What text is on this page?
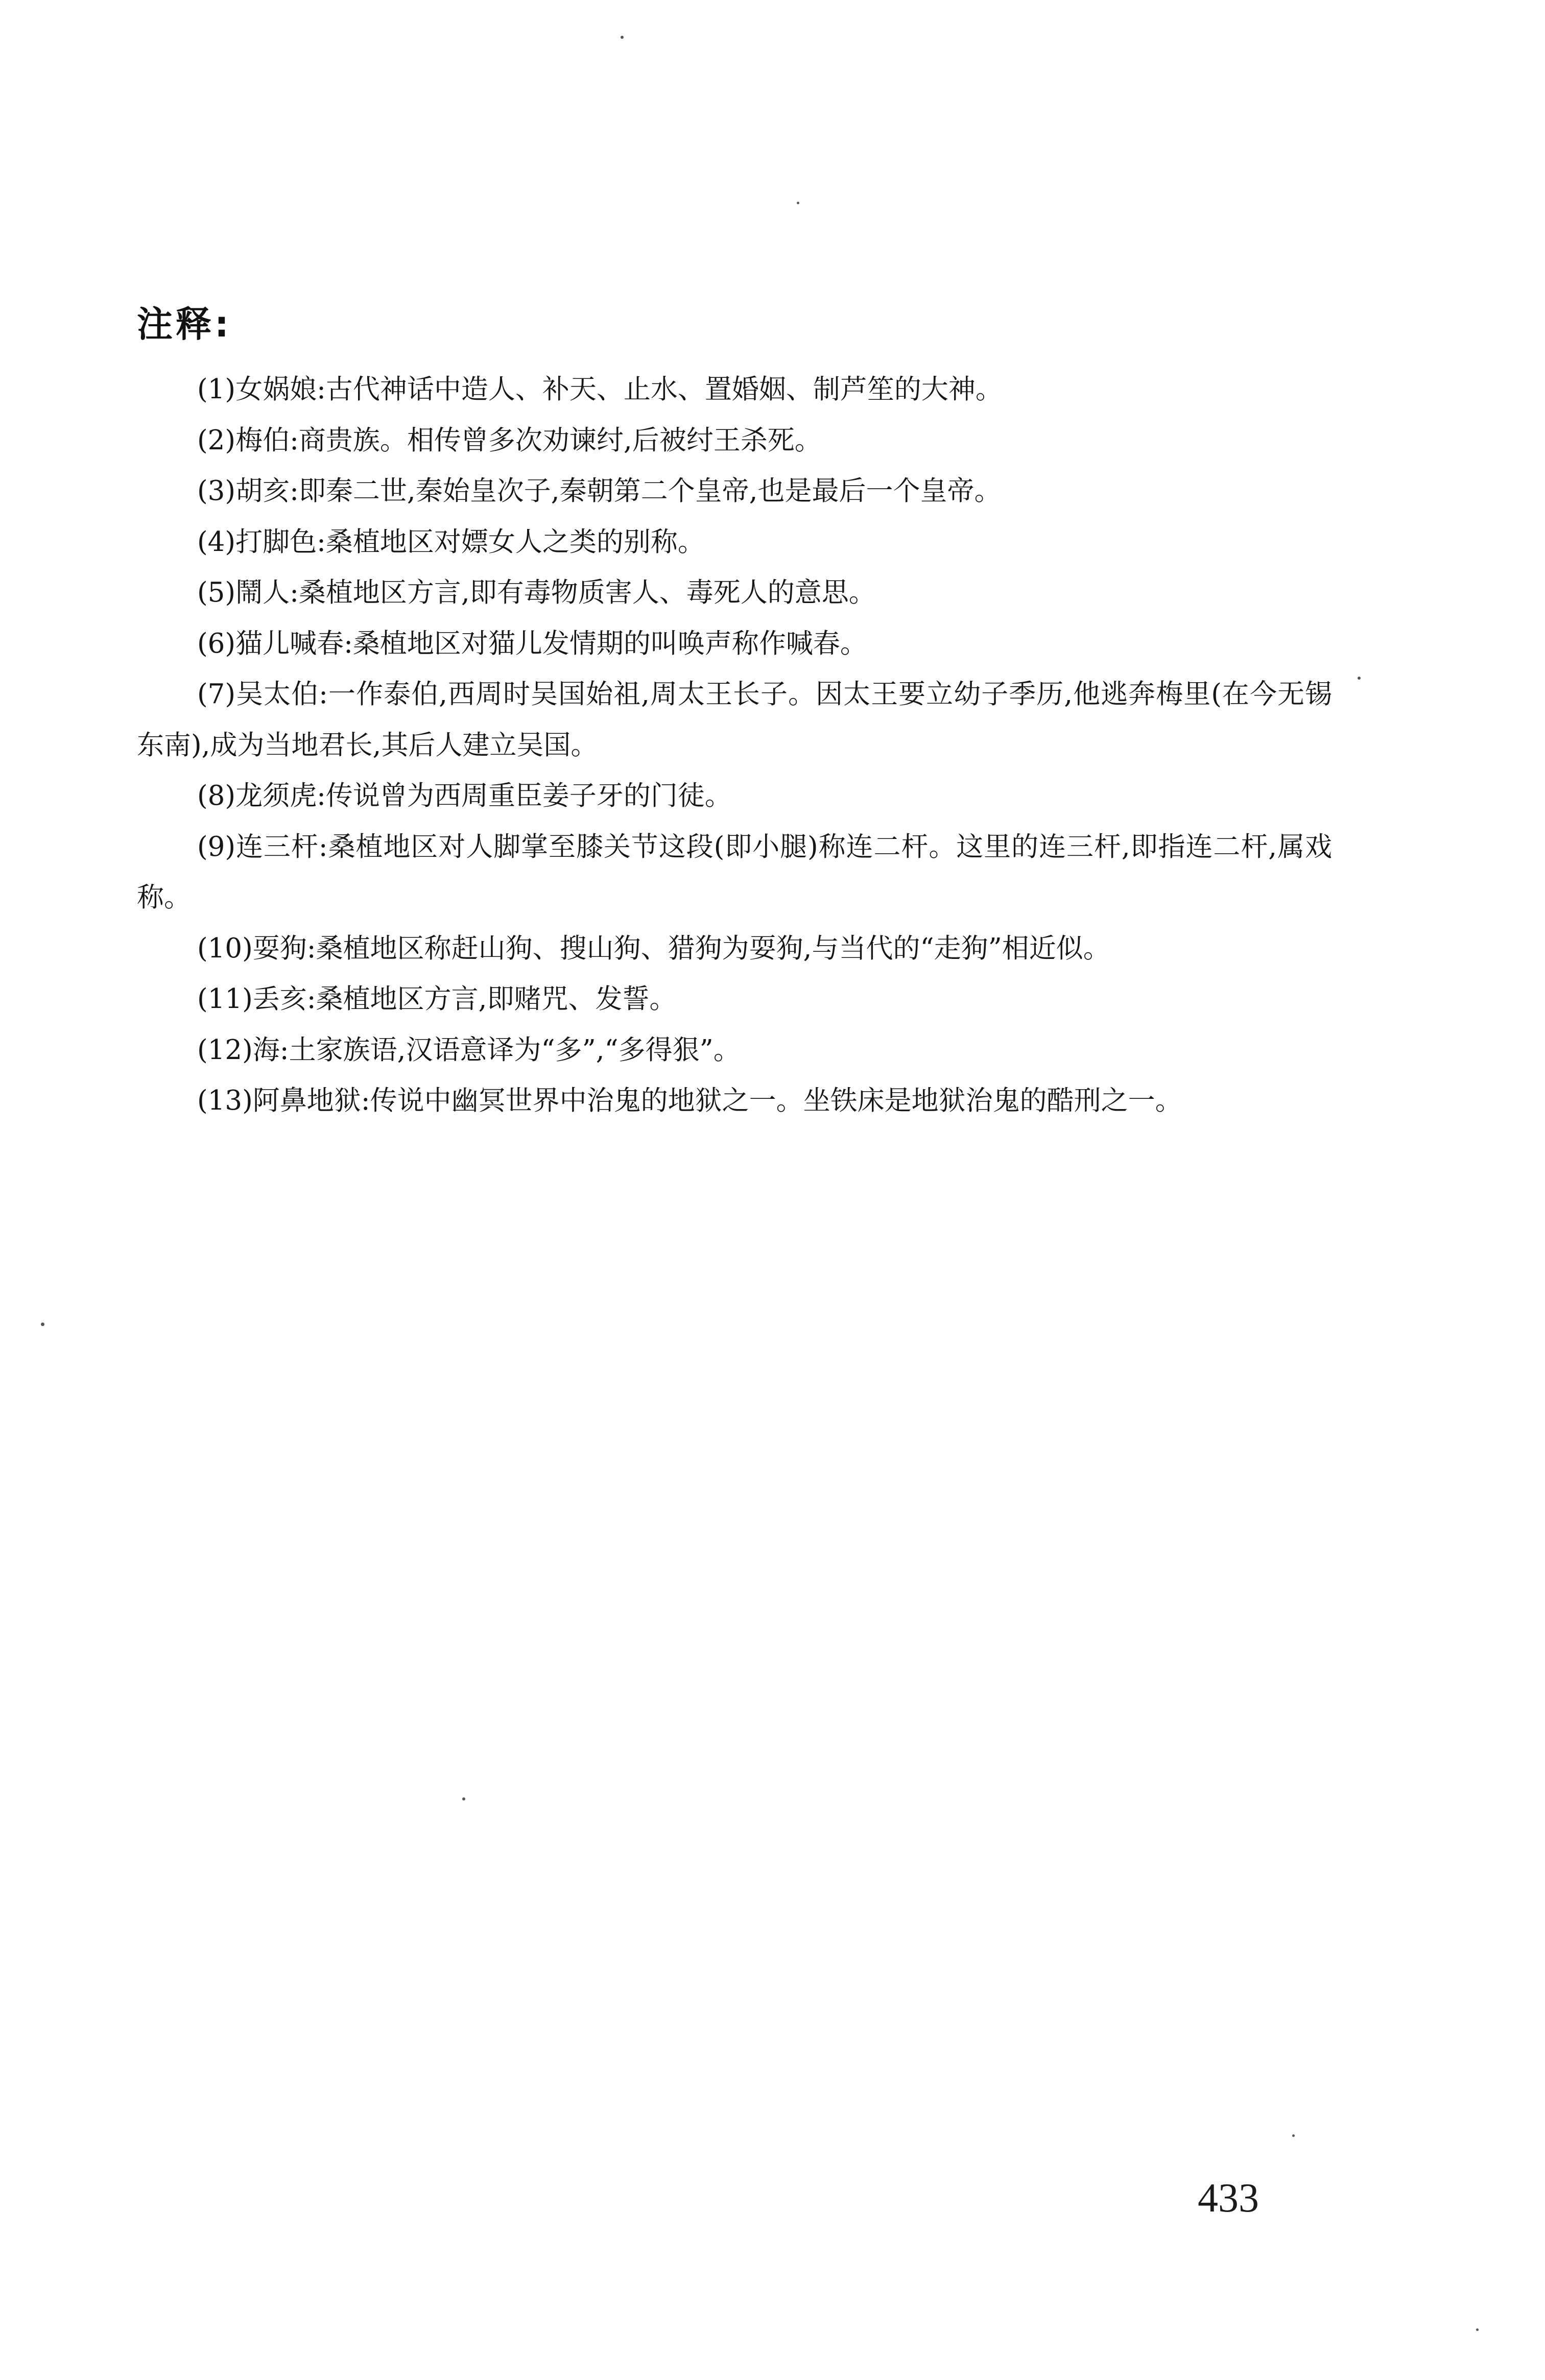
注释:
(1)女娲娘:古代神话中造人、补天、止水、置婚姻、制芦笙的大神。
(2)梅伯:商贵族。相传曾多次劝谏纣,后被纣王杀死。
(3)胡亥:即秦二世,秦始皇次子,秦朝第二个皇帝,也是最后一个皇帝。
(4)打脚色:桑植地区对嫖女人之类的别称。
(5)鬧人:桑植地区方言,即有毒物质害人、毒死人的意思。
(6)猫儿喊春:桑植地区对猫儿发情期的叫唤声称作喊春。
(7)吴太伯:一作泰伯,西周时吴国始祖,周太王长子。因太王要立幼子季历,他逃奔梅里(在今无锡东南),成为当地君长,其后人建立吴国。
(8)龙须虎:传说曾为西周重臣姜子牙的门徒。
(9)连三杆:桑植地区对人脚掌至膝关节这段(即小腿)称连二杆。这里的连三杆,即指连二杆,属戏称。
(10)耍狗:桑植地区称赶山狗、搜山狗、猎狗为耍狗,与当代的“走狗”相近似。
(11)丢亥:桑植地区方言,即赌咒、发誓。
(12)海:土家族语,汉语意译为“多”,“多得狠”。
(13)阿鼻地狱:传说中幽冥世界中治鬼的地狱之一。坐铁床是地狱治鬼的酷刑之一。
433
